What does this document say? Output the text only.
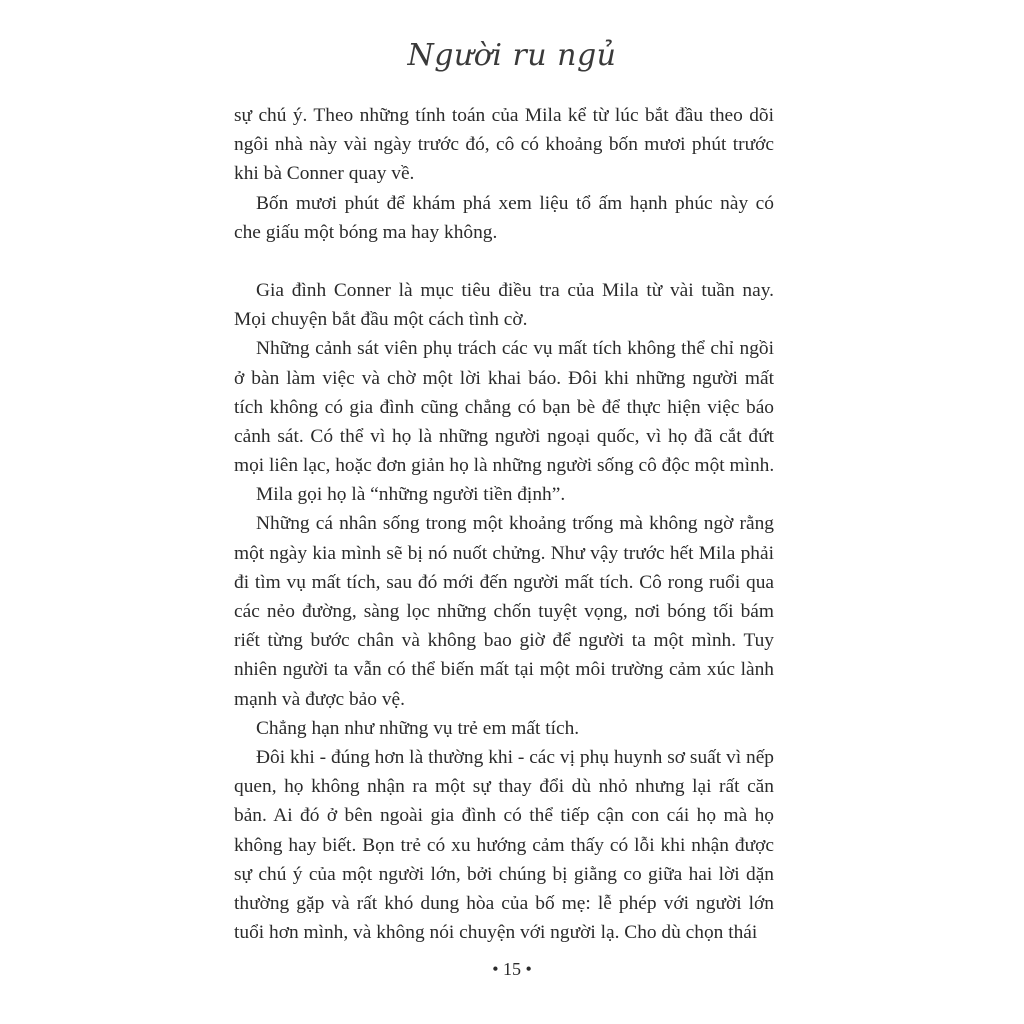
Người ru ngủ
sự chú ý. Theo những tính toán của Mila kể từ lúc bắt đầu theo dõi
ngôi nhà này vài ngày trước đó, cô có khoảng bốn mươi phút trước
khi bà Conner quay về.
Bốn mươi phút để khám phá xem liệu tổ ấm hạnh phúc này có
che giấu một bóng ma hay không.
Gia đình Conner là mục tiêu điều tra của Mila từ vài tuần nay.
Mọi chuyện bắt đầu một cách tình cờ.
Những cảnh sát viên phụ trách các vụ mất tích không thể chỉ ngồi
ở bàn làm việc và chờ một lời khai báo. Đôi khi những người mất
tích không có gia đình cũng chẳng có bạn bè để thực hiện việc báo
cảnh sát. Có thể vì họ là những người ngoại quốc, vì họ đã cắt đứt
mọi liên lạc, hoặc đơn giản họ là những người sống cô độc một mình.
Mila gọi họ là “những người tiền định”.
Những cá nhân sống trong một khoảng trống mà không ngờ rằng
một ngày kia mình sẽ bị nó nuốt chửng. Như vậy trước hết Mila phải
đi tìm vụ mất tích, sau đó mới đến người mất tích. Cô rong ruổi qua
các nẻo đường, sàng lọc những chốn tuyệt vọng, nơi bóng tối bám
riết từng bước chân và không bao giờ để người ta một mình. Tuy
nhiên người ta vẫn có thể biến mất tại một môi trường cảm xúc lành
mạnh và được bảo vệ.
Chẳng hạn như những vụ trẻ em mất tích.
Đôi khi - đúng hơn là thường khi - các vị phụ huynh sơ suất vì nếp
quen, họ không nhận ra một sự thay đổi dù nhỏ nhưng lại rất căn
bản. Ai đó ở bên ngoài gia đình có thể tiếp cận con cái họ mà họ
không hay biết. Bọn trẻ có xu hướng cảm thấy có lỗi khi nhận được
sự chú ý của một người lớn, bởi chúng bị giằng co giữa hai lời dặn
thường gặp và rất khó dung hòa của bố mẹ: lễ phép với người lớn
tuổi hơn mình, và không nói chuyện với người lạ. Cho dù chọn thái
• 15 •
